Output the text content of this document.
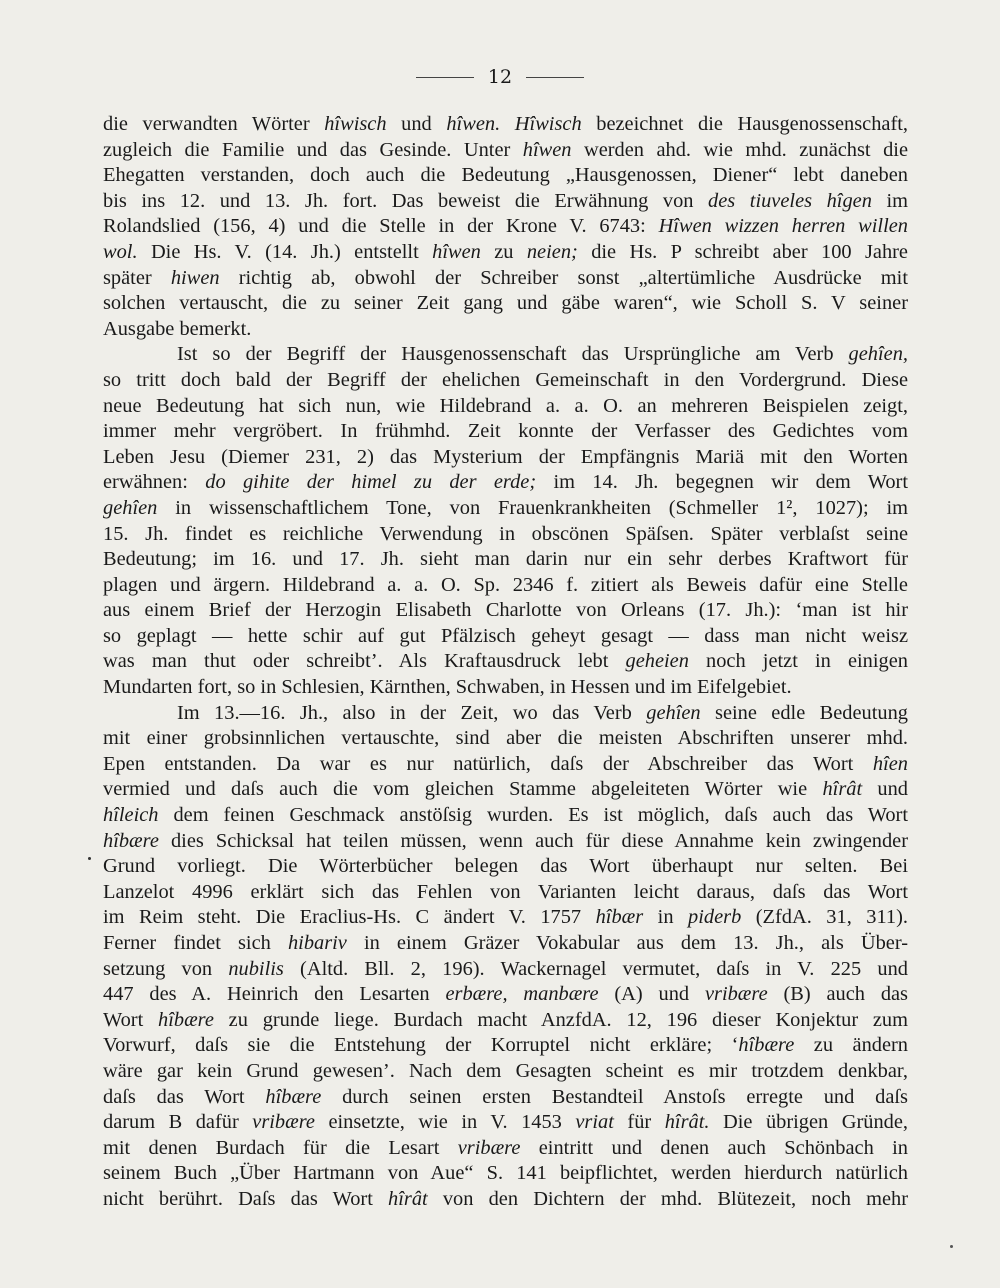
12
die verwandten Wörter hîwisch und hîwen. Hîwisch bezeichnet die Hausgenossenschaft,
zugleich die Familie und das Gesinde. Unter hîwen werden ahd. wie mhd. zunächst die
Ehegatten verstanden, doch auch die Bedeutung „Hausgenossen, Diener“ lebt daneben
bis ins 12. und 13. Jh. fort. Das beweist die Erwähnung von des tiuveles hîgen im
Rolandslied (156, 4) und die Stelle in der Krone V. 6743: Hîwen wizzen herren willen
wol. Die Hs. V. (14. Jh.) entstellt hîwen zu neien; die Hs. P schreibt aber 100 Jahre
später hiwen richtig ab, obwohl der Schreiber sonst „altertümliche Ausdrücke mit
solchen vertauscht, die zu seiner Zeit gang und gäbe waren“, wie Scholl S. V seiner
Ausgabe bemerkt.
Ist so der Begriff der Hausgenossenschaft das Ursprüngliche am Verb gehîen,
so tritt doch bald der Begriff der ehelichen Gemeinschaft in den Vordergrund. Diese
neue Bedeutung hat sich nun, wie Hildebrand a. a. O. an mehreren Beispielen zeigt,
immer mehr vergröbert. In frühmhd. Zeit konnte der Verfasser des Gedichtes vom
Leben Jesu (Diemer 231, 2) das Mysterium der Empfängnis Mariä mit den Worten
erwähnen: do gihite der himel zu der erde; im 14. Jh. begegnen wir dem Wort
gehîen in wissenschaftlichem Tone, von Frauenkrankheiten (Schmeller 1², 1027); im
15. Jh. findet es reichliche Verwendung in obscönen Späſsen. Später verblaſst seine
Bedeutung; im 16. und 17. Jh. sieht man darin nur ein sehr derbes Kraftwort für
plagen und ärgern. Hildebrand a. a. O. Sp. 2346 f. zitiert als Beweis dafür eine Stelle
aus einem Brief der Herzogin Elisabeth Charlotte von Orleans (17. Jh.): ‘man ist hir
so geplagt — hette schir auf gut Pfälzisch geheyt gesagt — dass man nicht weisz
was man thut oder schreibt’. Als Kraftausdruck lebt geheien noch jetzt in einigen
Mundarten fort, so in Schlesien, Kärnthen, Schwaben, in Hessen und im Eifelgebiet.
Im 13.—16. Jh., also in der Zeit, wo das Verb gehîen seine edle Bedeutung
mit einer grobsinnlichen vertauschte, sind aber die meisten Abschriften unserer mhd.
Epen entstanden. Da war es nur natürlich, daſs der Abschreiber das Wort hîen
vermied und daſs auch die vom gleichen Stamme abgeleiteten Wörter wie hîrât und
hîleich dem feinen Geschmack anstöſsig wurden. Es ist möglich, daſs auch das Wort
hîbære dies Schicksal hat teilen müssen, wenn auch für diese Annahme kein zwingender
Grund vorliegt. Die Wörterbücher belegen das Wort überhaupt nur selten. Bei
Lanzelot 4996 erklärt sich das Fehlen von Varianten leicht daraus, daſs das Wort
im Reim steht. Die Eraclius-Hs. C ändert V. 1757 hîbær in piderb (ZfdA. 31, 311).
Ferner findet sich hibariv in einem Gräzer Vokabular aus dem 13. Jh., als Über-
setzung von nubilis (Altd. Bll. 2, 196). Wackernagel vermutet, daſs in V. 225 und
447 des A. Heinrich den Lesarten erbære, manbære (A) und vribære (B) auch das
Wort hîbære zu grunde liege. Burdach macht AnzfdA. 12, 196 dieser Konjektur zum
Vorwurf, daſs sie die Entstehung der Korruptel nicht erkläre; ‘hîbære zu ändern
wäre gar kein Grund gewesen’. Nach dem Gesagten scheint es mir trotzdem denkbar,
daſs das Wort hîbære durch seinen ersten Bestandteil Anstoſs erregte und daſs
darum B dafür vribære einsetzte, wie in V. 1453 vriat für hîrât. Die übrigen Gründe,
mit denen Burdach für die Lesart vribære eintritt und denen auch Schönbach in
seinem Buch „Über Hartmann von Aue“ S. 141 beipflichtet, werden hierdurch natürlich
nicht berührt. Daſs das Wort hîrât von den Dichtern der mhd. Blütezeit, noch mehr
